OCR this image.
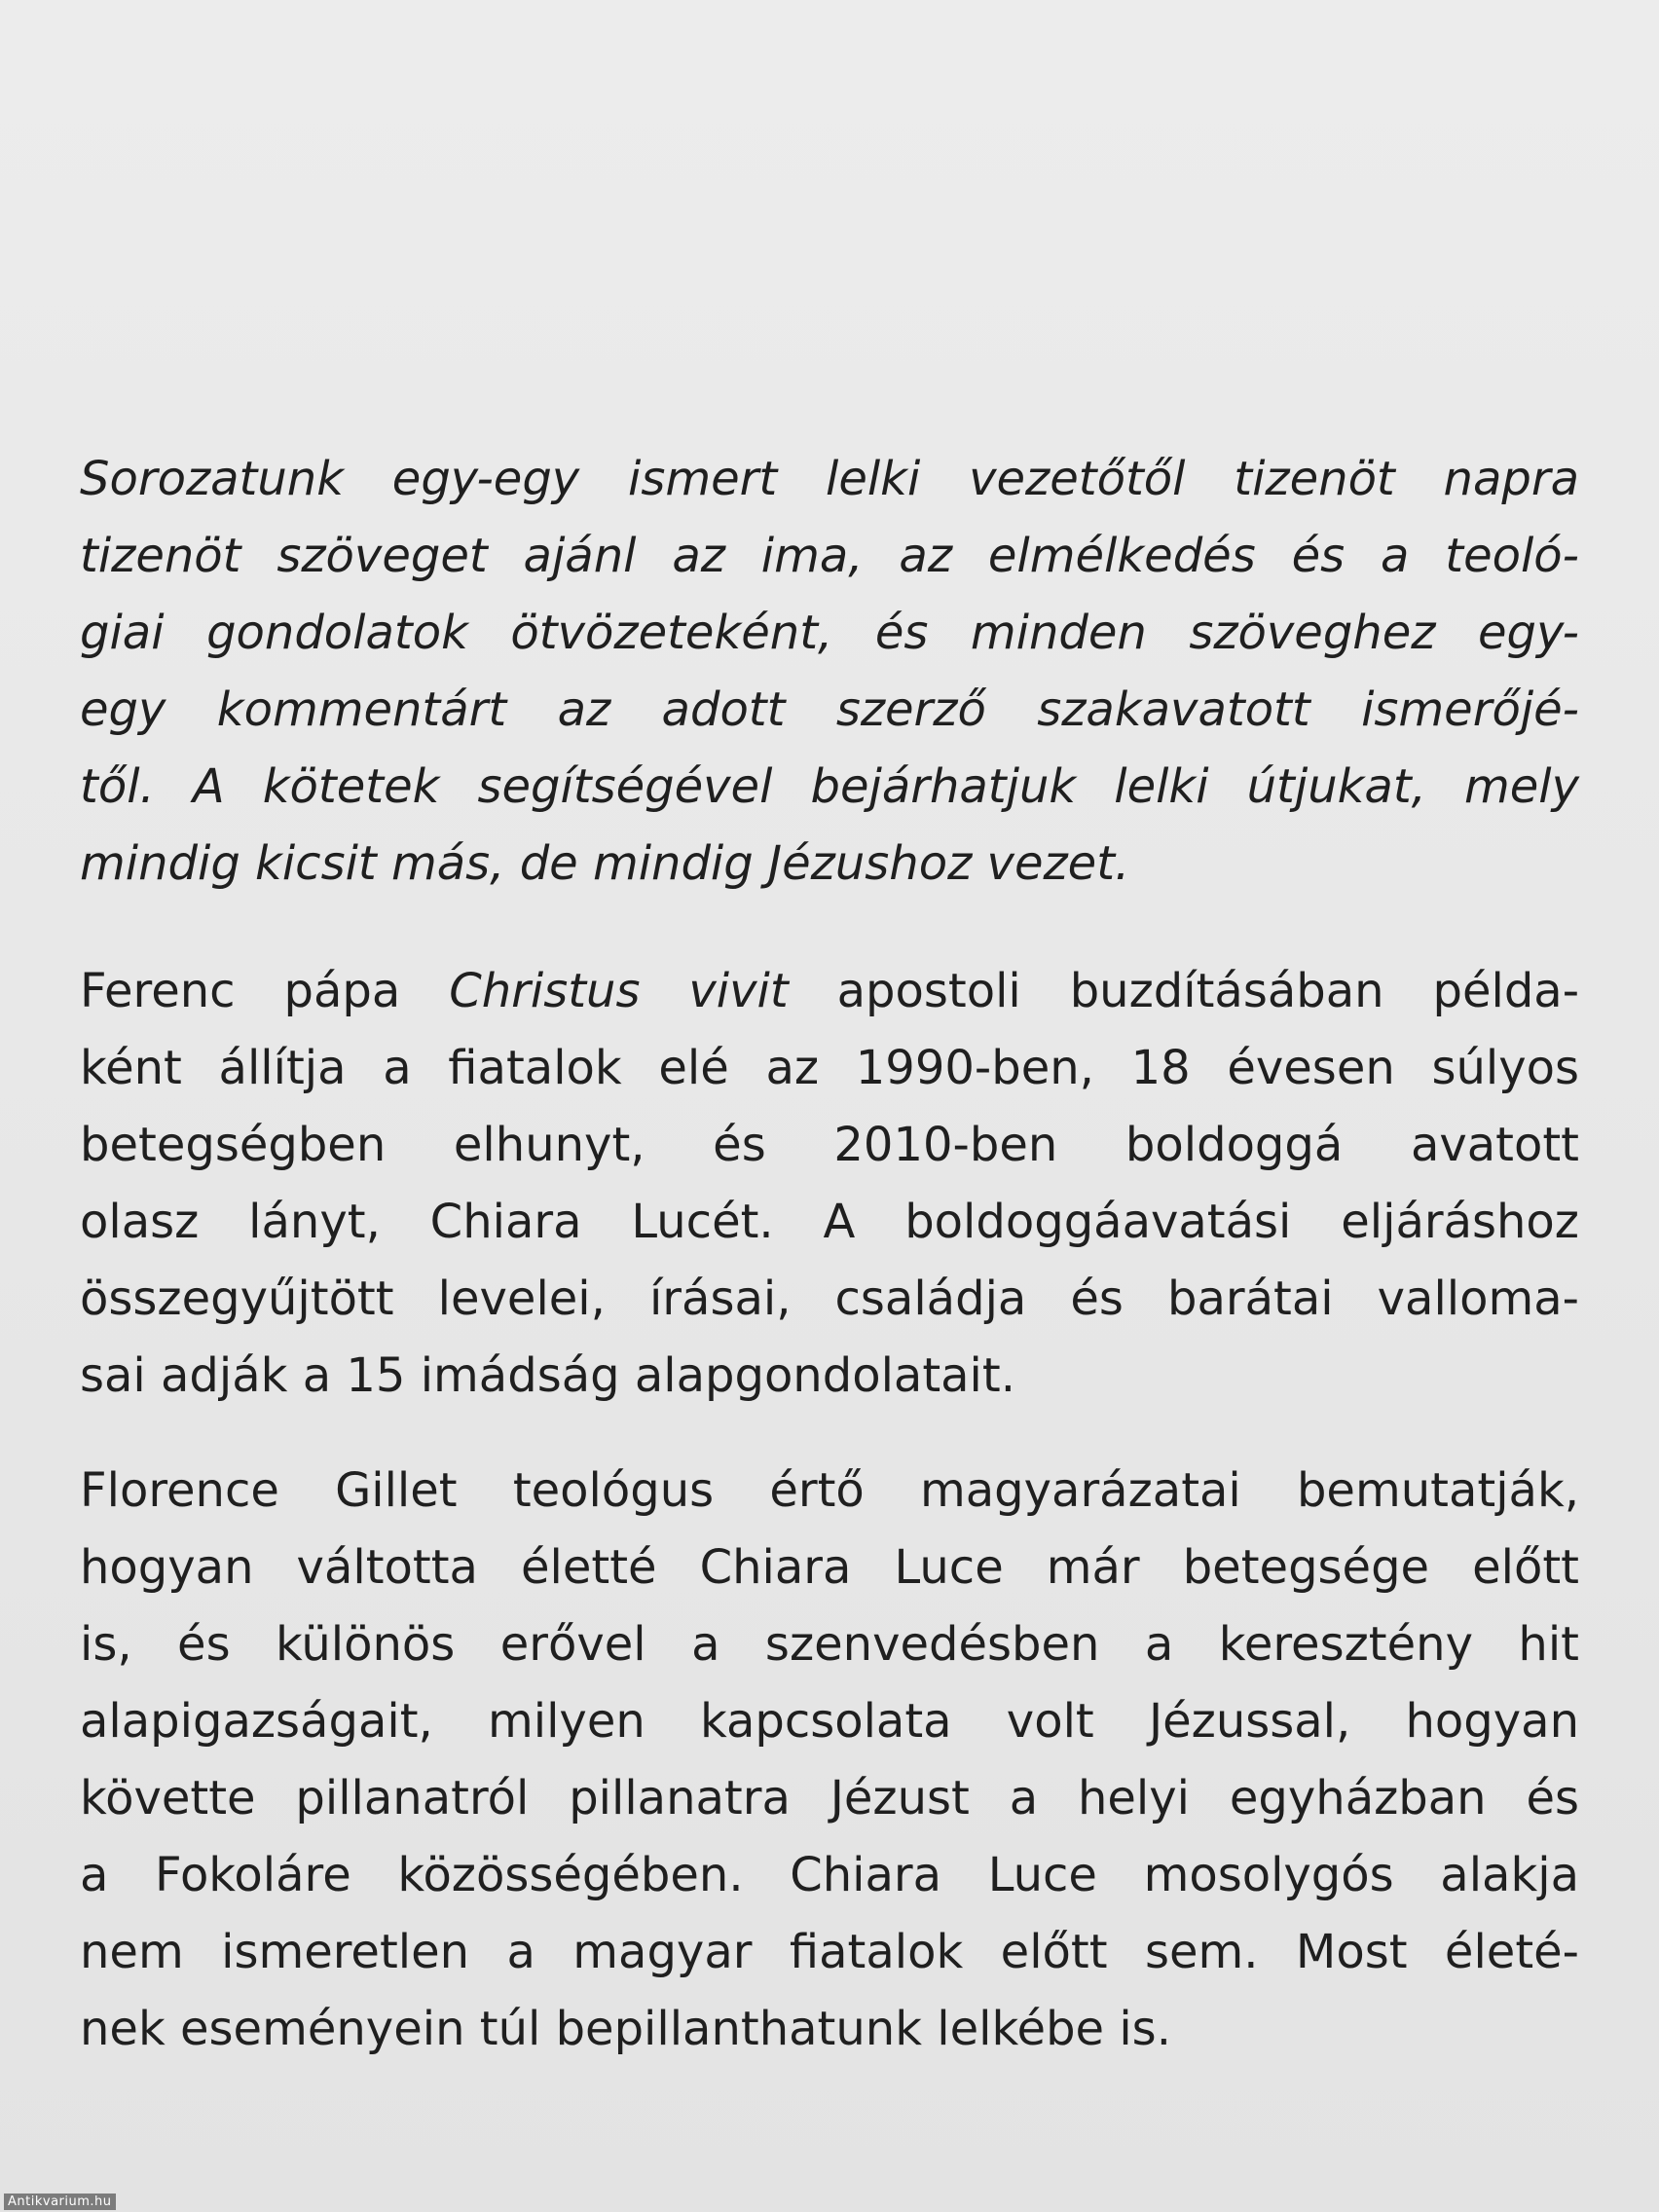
Sorozatunk egy-egy ismert lelki vezetőtől tizenöt napra
tizenöt szöveget ajánl az ima, az elmélkedés és a teoló-
giai gondolatok ötvözeteként, és minden szöveghez egy-
egy kommentárt az adott szerző szakavatott ismerőjé-
től. A kötetek segítségével bejárhatjuk lelki útjukat, mely
mindig kicsit más, de mindig Jézushoz vezet.
Ferenc pápa Christus vivit apostoli buzdításában példa-
ként állítja a fiatalok elé az 1990-ben, 18 évesen súlyos
betegségben elhunyt, és 2010-ben boldoggá avatott
olasz lányt, Chiara Lucét. A boldoggáavatási eljáráshoz
összegyűjtött levelei, írásai, családja és barátai valloma-
sai adják a 15 imádság alapgondolatait.
Florence Gillet teológus értő magyarázatai bemutatják,
hogyan váltotta életté Chiara Luce már betegsége előtt
is, és különös erővel a szenvedésben a keresztény hit
alapigazságait, milyen kapcsolata volt Jézussal, hogyan
követte pillanatról pillanatra Jézust a helyi egyházban és
a Fokoláre közösségében. Chiara Luce mosolygós alakja
nem ismeretlen a magyar fiatalok előtt sem. Most életé-
nek eseményein túl bepillanthatunk lelkébe is.
Antikvarium.hu
